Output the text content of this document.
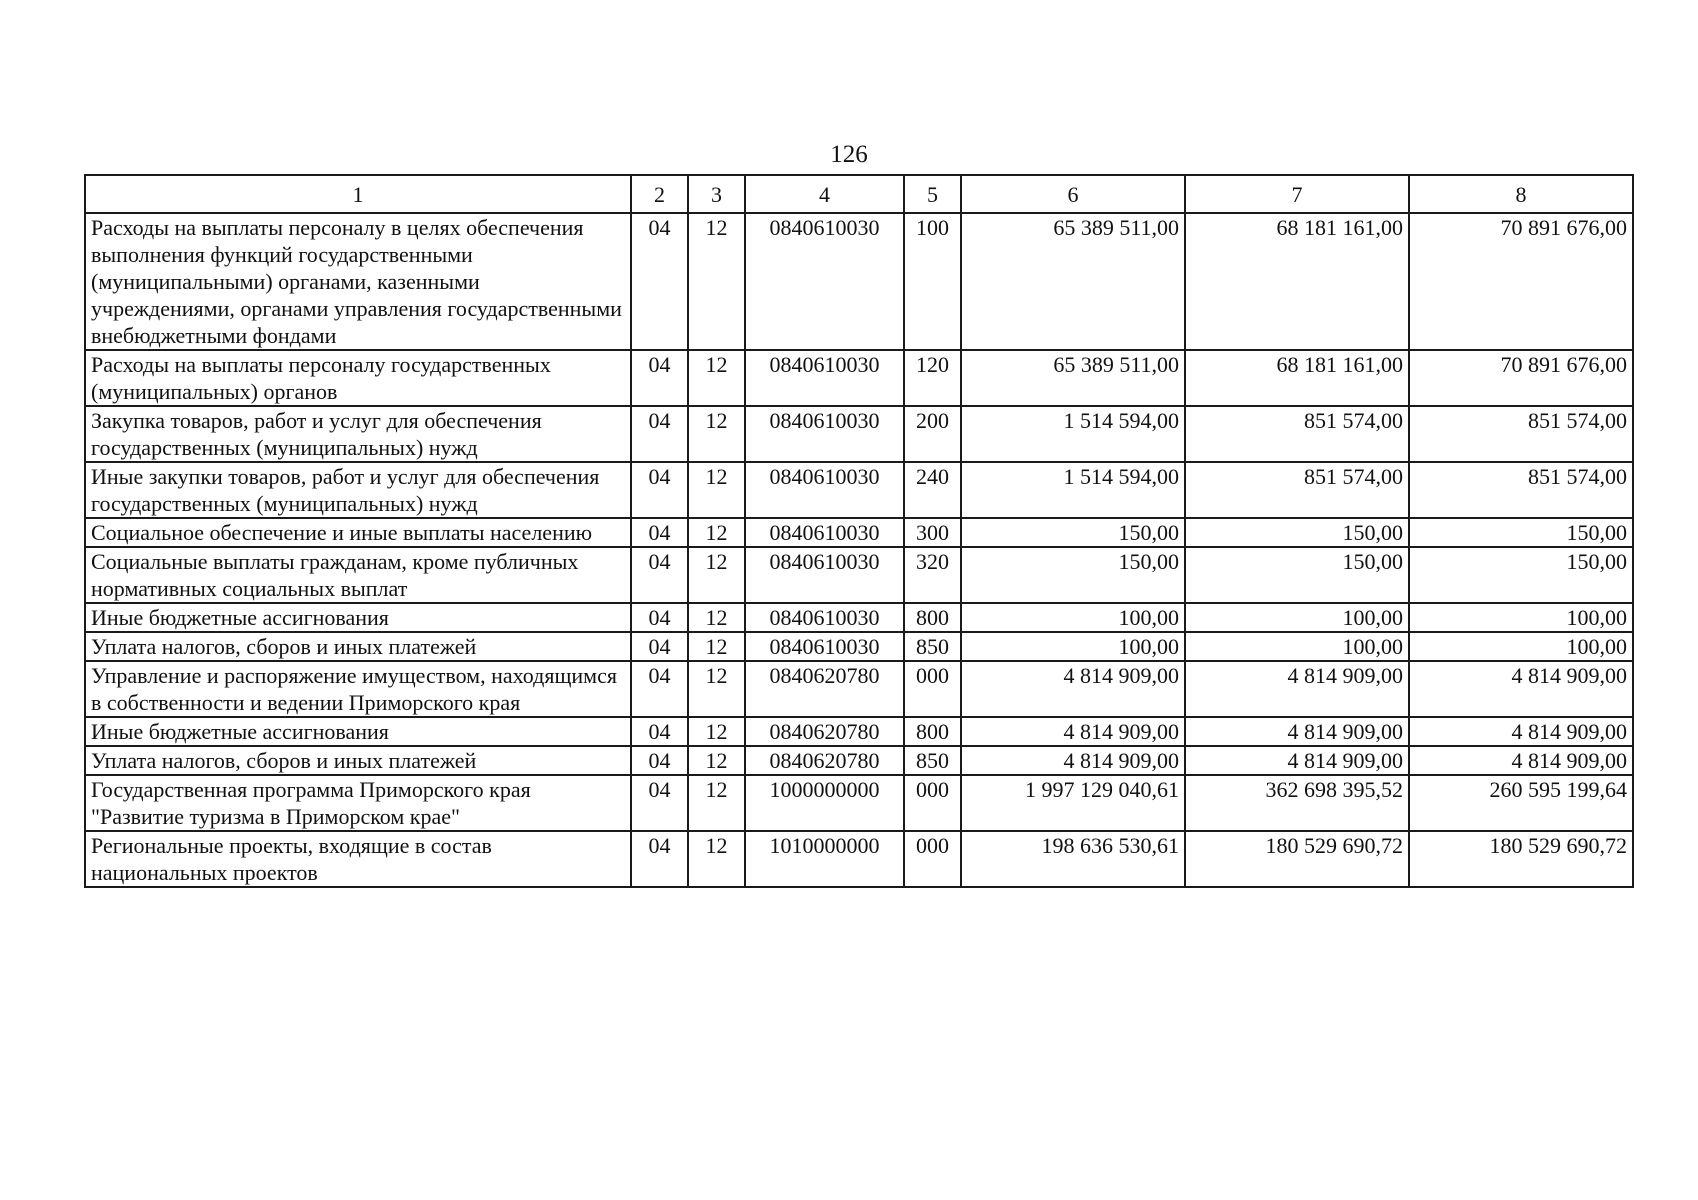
126
1	2	3	4	5	6	7	8
Расходы на выплаты персоналу в целях обеспечения выполнения функций государственными (муниципальными) органами, казенными учреждениями, органами управления государственными внебюджетными фондами	04	12	0840610030	100	65 389 511,00	68 181 161,00	70 891 676,00
Расходы на выплаты персоналу государственных (муниципальных) органов	04	12	0840610030	120	65 389 511,00	68 181 161,00	70 891 676,00
Закупка товаров, работ и услуг для обеспечения государственных (муниципальных) нужд	04	12	0840610030	200	1 514 594,00	851 574,00	851 574,00
Иные закупки товаров, работ и услуг для обеспечения государственных (муниципальных) нужд	04	12	0840610030	240	1 514 594,00	851 574,00	851 574,00
Социальное обеспечение и иные выплаты населению	04	12	0840610030	300	150,00	150,00	150,00
Социальные выплаты гражданам, кроме публичных нормативных социальных выплат	04	12	0840610030	320	150,00	150,00	150,00
Иные бюджетные ассигнования	04	12	0840610030	800	100,00	100,00	100,00
Уплата налогов, сборов и иных платежей	04	12	0840610030	850	100,00	100,00	100,00
Управление и распоряжение имуществом, находящимся в собственности и ведении Приморского края	04	12	0840620780	000	4 814 909,00	4 814 909,00	4 814 909,00
Иные бюджетные ассигнования	04	12	0840620780	800	4 814 909,00	4 814 909,00	4 814 909,00
Уплата налогов, сборов и иных платежей	04	12	0840620780	850	4 814 909,00	4 814 909,00	4 814 909,00
Государственная программа Приморского края "Развитие туризма в Приморском крае"	04	12	1000000000	000	1 997 129 040,61	362 698 395,52	260 595 199,64
Региональные проекты, входящие в состав национальных проектов	04	12	1010000000	000	198 636 530,61	180 529 690,72	180 529 690,72
